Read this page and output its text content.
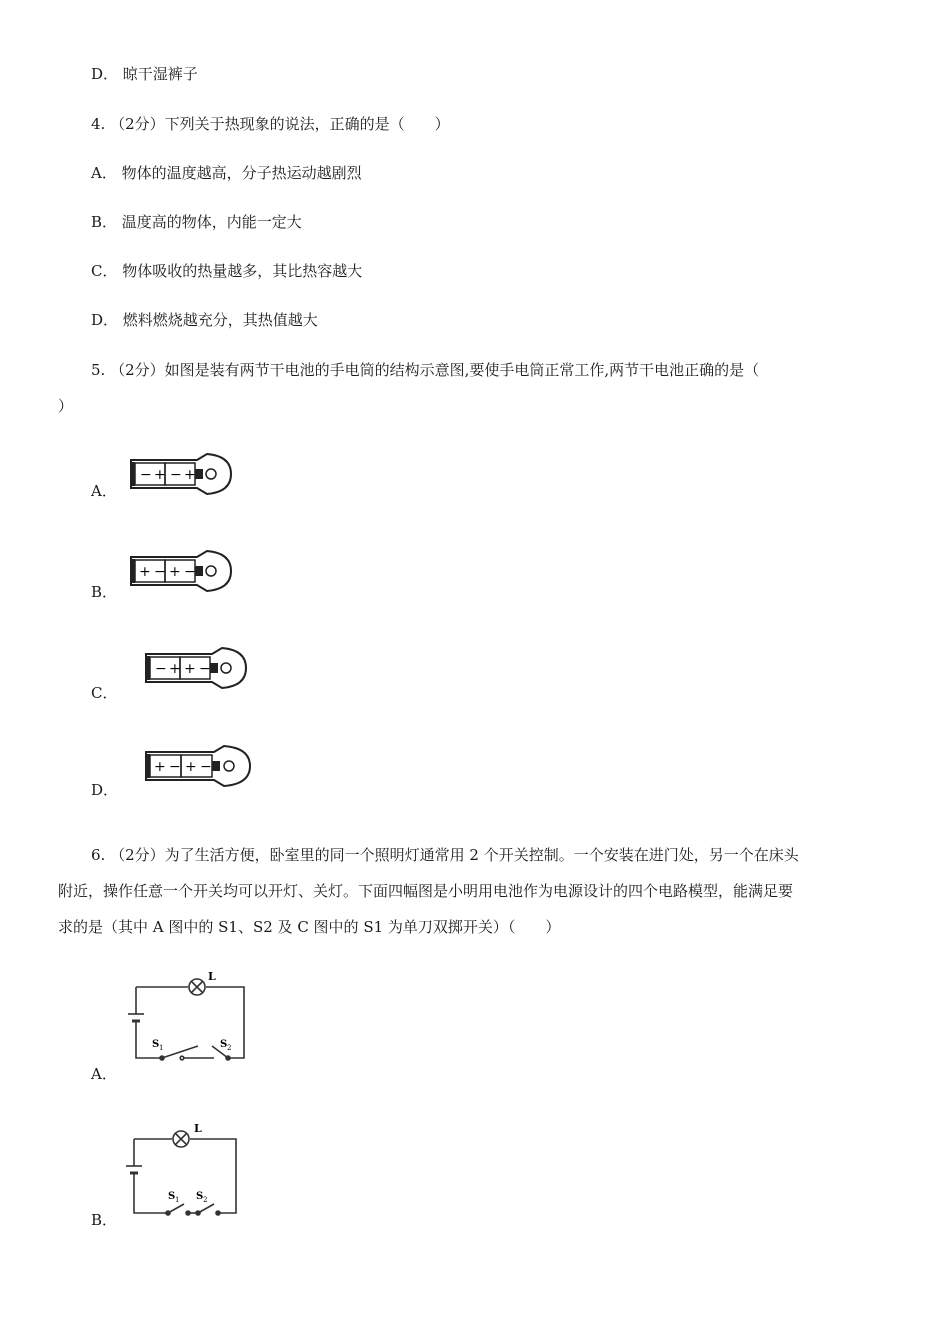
D． 晾干湿裤子
4. （2分）下列关于热现象的说法，正确的是（　　）
A． 物体的温度越高，分子热运动越剧烈
B． 温度高的物体，内能一定大
C． 物体吸收的热量越多，其比热容越大
D． 燃料燃烧越充分，其热值越大
5. （2分）如图是装有两节干电池的手电筒的结构示意图,要使手电筒正常工作,两节干电池正确的是（
）
A．
− + − +
B．
+ − + −
C．
− + + −
D．
+ − + −
6. （2分）为了生活方便，卧室里的同一个照明灯通常用 2 个开关控制。一个安装在进门处，另一个在床头
附近，操作任意一个开关均可以开灯、关灯。下面四幅图是小明用电池作为电源设计的四个电路模型，能满足要
求的是（其中 A 图中的 S1、S2 及 C 图中的 S1 为单刀双掷开关）（　　）
A．
L
S 1	S 2
B．
L
S 1 S 2
